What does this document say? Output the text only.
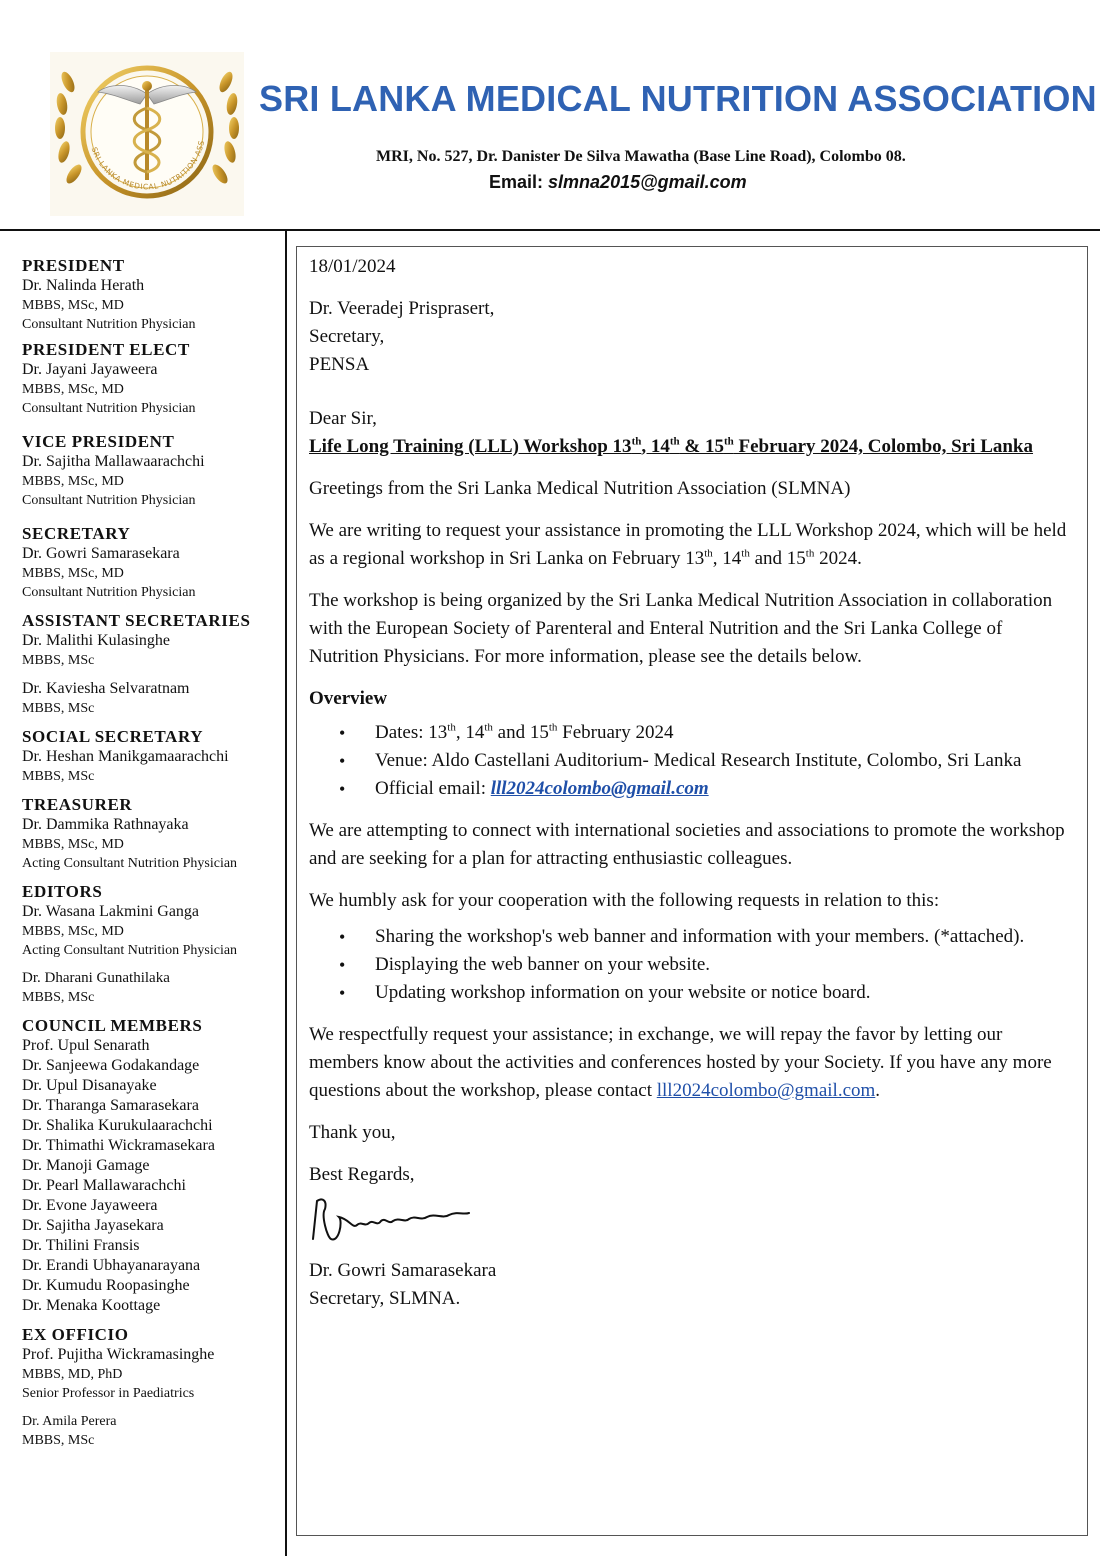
SRI LANKA MEDICAL NUTRITION ASS
SRI LANKA MEDICAL NUTRITION ASSOCIATION
MRI, No. 527, Dr. Danister De Silva Mawatha (Base Line Road), Colombo 08.
Email: slmna2015@gmail.com
PRESIDENT
Dr. Nalinda Herath
MBBS, MSc, MD
Consultant Nutrition Physician
PRESIDENT ELECT
Dr. Jayani Jayaweera
MBBS, MSc, MD
Consultant Nutrition Physician
VICE PRESIDENT
Dr. Sajitha Mallawaarachchi
MBBS, MSc, MD
Consultant Nutrition Physician
SECRETARY
Dr. Gowri Samarasekara
MBBS, MSc, MD
Consultant Nutrition Physician
ASSISTANT SECRETARIES
Dr. Malithi Kulasinghe
MBBS, MSc
Dr. Kaviesha Selvaratnam
MBBS, MSc
SOCIAL SECRETARY
Dr. Heshan Manikgamaarachchi
MBBS, MSc
TREASURER
Dr. Dammika Rathnayaka
MBBS, MSc, MD
Acting Consultant Nutrition Physician
EDITORS
Dr. Wasana Lakmini Ganga
MBBS, MSc, MD
Acting Consultant Nutrition Physician
Dr. Dharani Gunathilaka
MBBS, MSc
COUNCIL MEMBERS
Prof. Upul Senarath
Dr. Sanjeewa Godakandage
Dr. Upul Disanayake
Dr. Tharanga Samarasekara
Dr. Shalika Kurukulaarachchi
Dr. Thimathi Wickramasekara
Dr. Manoji Gamage
Dr. Pearl Mallawarachchi
Dr. Evone Jayaweera
Dr. Sajitha Jayasekara
Dr. Thilini Fransis
Dr. Erandi Ubhayanarayana
Dr. Kumudu Roopasinghe
Dr. Menaka Koottage
EX OFFICIO
Prof. Pujitha Wickramasinghe
MBBS, MD, PhD
Senior Professor in Paediatrics
Dr. Amila Perera
MBBS, MSc
18/01/2024
Dr. Veeradej Prisprasert,
Secretary,
PENSA
Dear Sir,
Life Long Training (LLL) Workshop 13th, 14th & 15th February 2024, Colombo, Sri Lanka
Greetings from the Sri Lanka Medical Nutrition Association (SLMNA)
We are writing to request your assistance in promoting the LLL Workshop 2024, which will be held as a regional workshop in Sri Lanka on February 13th, 14th and 15th 2024.
The workshop is being organized by the Sri Lanka Medical Nutrition Association in collaboration with the European Society of Parenteral and Enteral Nutrition and the Sri Lanka College of Nutrition Physicians. For more information, please see the details below.
Overview
• Dates: 13th, 14th and 15th February 2024
• Venue: Aldo Castellani Auditorium- Medical Research Institute, Colombo, Sri Lanka
• Official email: lll2024colombo@gmail.com
We are attempting to connect with international societies and associations to promote the workshop and are seeking for a plan for attracting enthusiastic colleagues.
We humbly ask for your cooperation with the following requests in relation to this:
• Sharing the workshop's web banner and information with your members. (*attached).
• Displaying the web banner on your website.
• Updating workshop information on your website or notice board.
We respectfully request your assistance; in exchange, we will repay the favor by letting our members know about the activities and conferences hosted by your Society. If you have any more questions about the workshop, please contact lll2024colombo@gmail.com.
Thank you,
Best Regards,
Dr. Gowri Samarasekara
Secretary, SLMNA.
